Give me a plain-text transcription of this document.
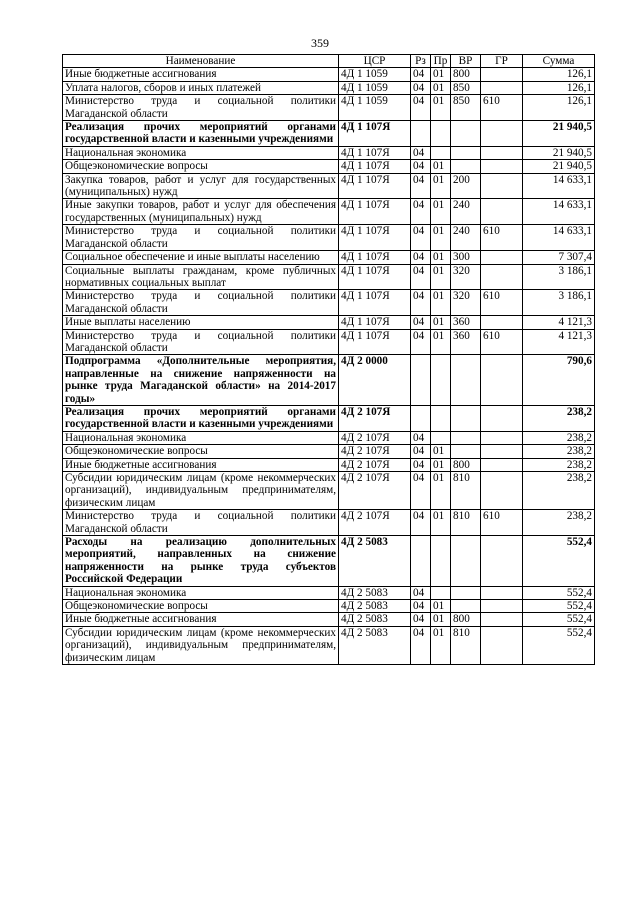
359
Наименование	ЦСР	Рз	Пр	ВР	ГР	Сумма
Иные бюджетные ассигнования	4Д 1 1059	04	01	800		126,1
Уплата налогов, сборов и иных платежей	4Д 1 1059	04	01	850		126,1
Министерство труда и социальной политики Магаданской области	4Д 1 1059	04	01	850	610	126,1
Реализация прочих мероприятий органами государственной власти и казенными учреждениями	4Д 1 107Я					21 940,5
Национальная экономика	4Д 1 107Я	04				21 940,5
Общеэкономические вопросы	4Д 1 107Я	04	01			21 940,5
Закупка товаров, работ и услуг для государственных (муниципальных) нужд	4Д 1 107Я	04	01	200		14 633,1
Иные закупки товаров, работ и услуг для обеспечения государственных (муниципальных) нужд	4Д 1 107Я	04	01	240		14 633,1
Министерство труда и социальной политики Магаданской области	4Д 1 107Я	04	01	240	610	14 633,1
Социальное обеспечение и иные выплаты населению	4Д 1 107Я	04	01	300		7 307,4
Социальные выплаты гражданам, кроме публичных нормативных социальных выплат	4Д 1 107Я	04	01	320		3 186,1
Министерство труда и социальной политики Магаданской области	4Д 1 107Я	04	01	320	610	3 186,1
Иные выплаты населению	4Д 1 107Я	04	01	360		4 121,3
Министерство труда и социальной политики Магаданской области	4Д 1 107Я	04	01	360	610	4 121,3
Подпрограмма «Дополнительные мероприятия, направленные на снижение напряженности на рынке труда Магаданской области» на 2014-2017 годы»	4Д 2 0000					790,6
Реализация прочих мероприятий органами государственной власти и казенными учреждениями	4Д 2 107Я					238,2
Национальная экономика	4Д 2 107Я	04				238,2
Общеэкономические вопросы	4Д 2 107Я	04	01			238,2
Иные бюджетные ассигнования	4Д 2 107Я	04	01	800		238,2
Субсидии юридическим лицам (кроме некоммерческих организаций), индивидуальным предпринимателям, физическим лицам	4Д 2 107Я	04	01	810		238,2
Министерство труда и социальной политики Магаданской области	4Д 2 107Я	04	01	810	610	238,2
Расходы на реализацию дополнительных мероприятий, направленных на снижение напряженности на рынке труда субъектов Российской Федерации	4Д 2 5083					552,4
Национальная экономика	4Д 2 5083	04				552,4
Общеэкономические вопросы	4Д 2 5083	04	01			552,4
Иные бюджетные ассигнования	4Д 2 5083	04	01	800		552,4
Субсидии юридическим лицам (кроме некоммерческих организаций), индивидуальным предпринимателям, физическим лицам	4Д 2 5083	04	01	810		552,4
